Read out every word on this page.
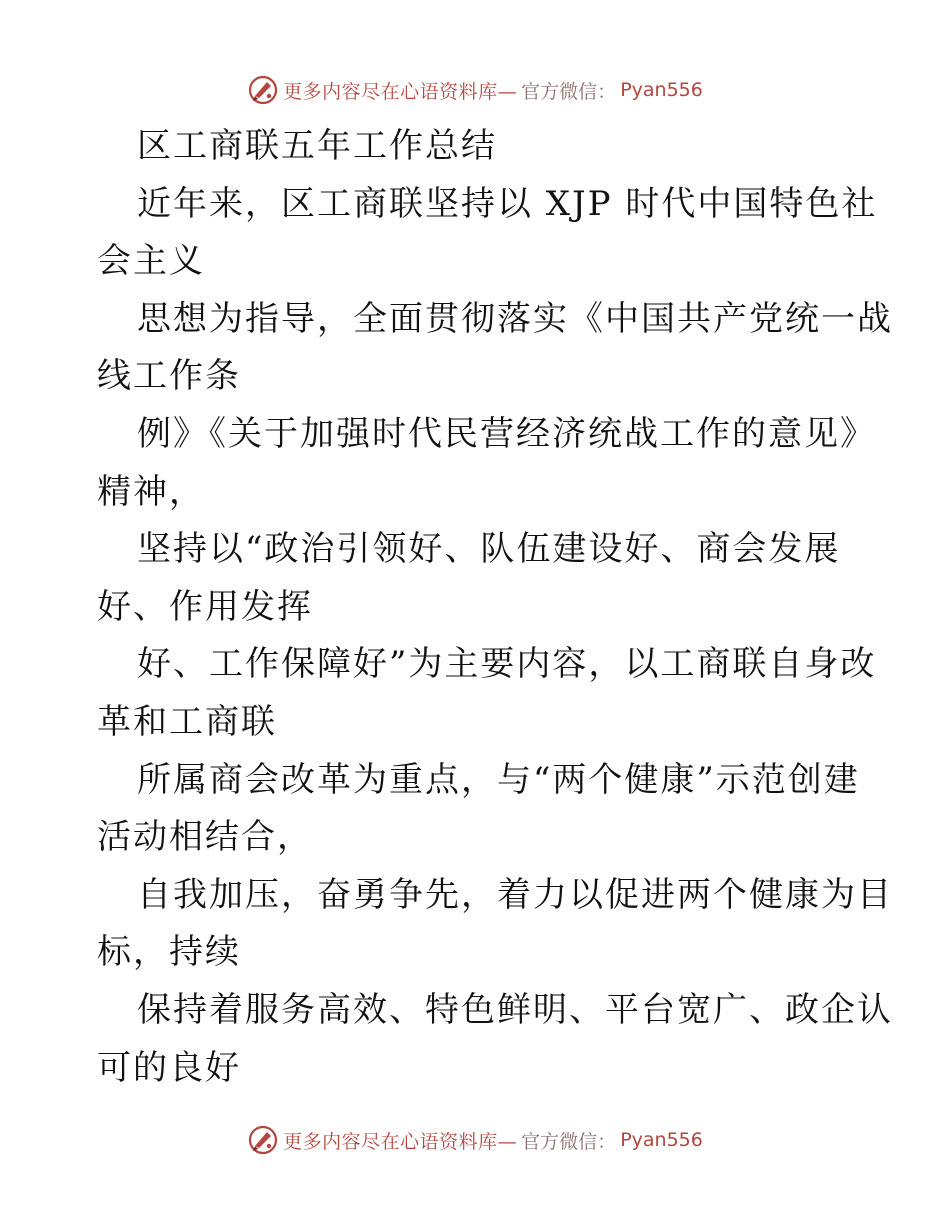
更多内容尽在心语资料库— 官方微信： Pyan556
区工商联五年工作总结
近年来，区工商联坚持以 XJP 时代中国特色社
会主义
思想为指导，全面贯彻落实《中国共产党统一战
线工作条
例》《关于加强时代民营经济统战工作的意见》
精神，
坚持以“政治引领好、队伍建设好、商会发展
好、作用发挥
好、工作保障好”为主要内容，以工商联自身改
革和工商联
所属商会改革为重点，与“两个健康”示范创建
活动相结合，
自我加压，奋勇争先，着力以促进两个健康为目
标，持续
保持着服务高效、特色鲜明、平台宽广、政企认
可的良好
更多内容尽在心语资料库— 官方微信： Pyan556
